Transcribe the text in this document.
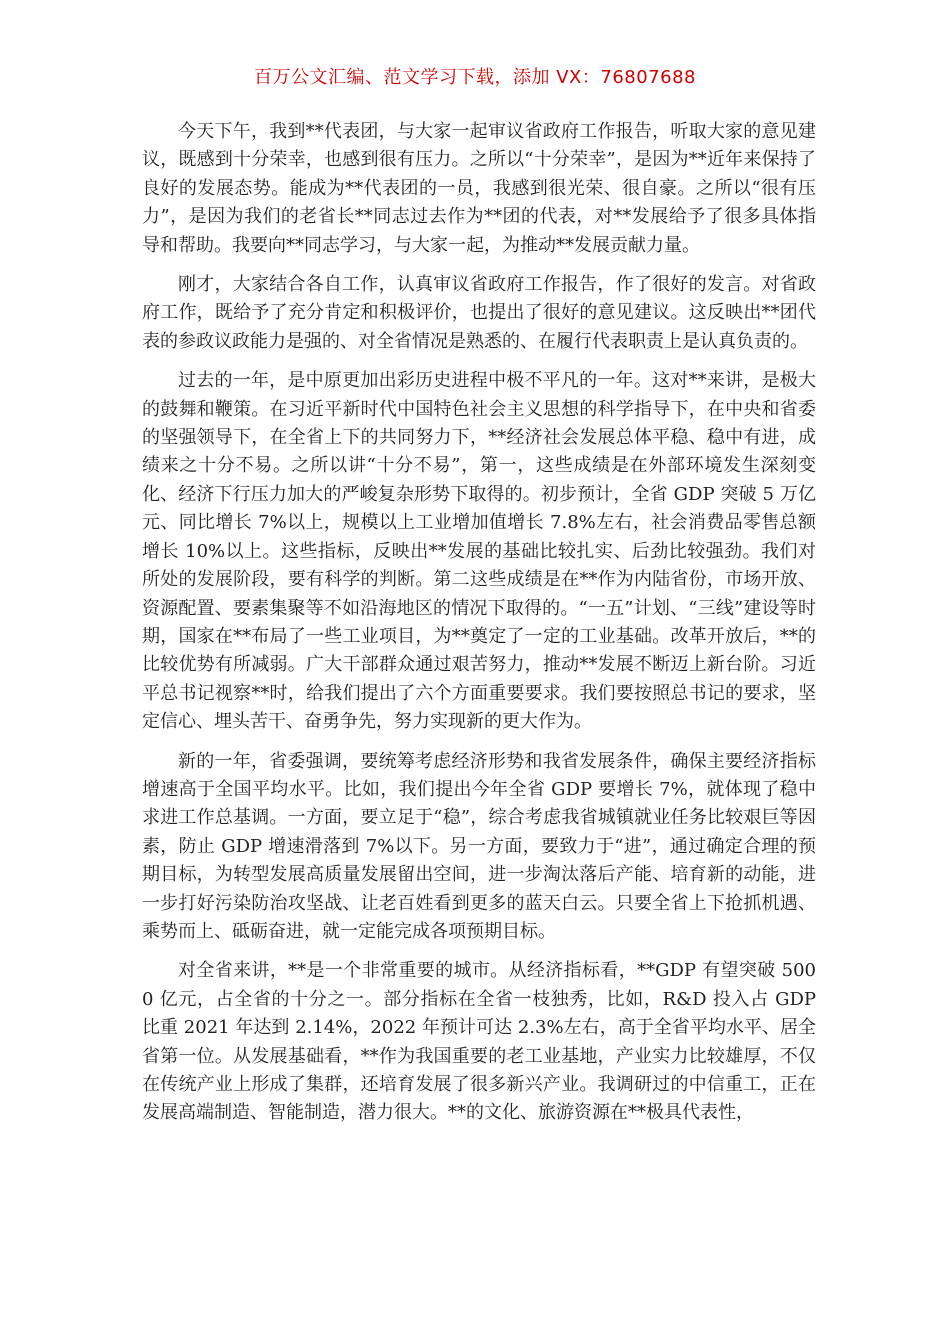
百万公文汇编、范文学习下载，添加 VX：76807688

今天下午，我到**代表团，与大家一起审议省政府工作报告，听取大家的意见建议，既感到十分荣幸，也感到很有压力。之所以“十分荣幸”，是因为**近年来保持了良好的发展态势。能成为**代表团的一员，我感到很光荣、很自豪。之所以“很有压力”，是因为我们的老省长**同志过去作为**团的代表，对**发展给予了很多具体指导和帮助。我要向**同志学习，与大家一起，为推动**发展贡献力量。

刚才，大家结合各自工作，认真审议省政府工作报告，作了很好的发言。对省政府工作，既给予了充分肯定和积极评价，也提出了很好的意见建议。这反映出**团代表的参政议政能力是强的、对全省情况是熟悉的、在履行代表职责上是认真负责的。

过去的一年，是中原更加出彩历史进程中极不平凡的一年。这对**来讲，是极大的鼓舞和鞭策。在习近平新时代中国特色社会主义思想的科学指导下，在中央和省委的坚强领导下，在全省上下的共同努力下，**经济社会发展总体平稳、稳中有进，成绩来之十分不易。之所以讲“十分不易”，第一，这些成绩是在外部环境发生深刻变化、经济下行压力加大的严峻复杂形势下取得的。初步预计，全省 GDP 突破 5 万亿元、同比增长 7%以上，规模以上工业增加值增长 7.8%左右，社会消费品零售总额增长 10%以上。这些指标，反映出**发展的基础比较扎实、后劲比较强劲。我们对所处的发展阶段，要有科学的判断。第二这些成绩是在**作为内陆省份，市场开放、资源配置、要素集聚等不如沿海地区的情况下取得的。“一五”计划、“三线”建设等时期，国家在**布局了一些工业项目，为**奠定了一定的工业基础。改革开放后，**的比较优势有所减弱。广大干部群众通过艰苦努力，推动**发展不断迈上新台阶。习近平总书记视察**时，给我们提出了六个方面重要要求。我们要按照总书记的要求，坚定信心、埋头苦干、奋勇争先，努力实现新的更大作为。

新的一年，省委强调，要统筹考虑经济形势和我省发展条件，确保主要经济指标增速高于全国平均水平。比如，我们提出今年全省 GDP 要增长 7%，就体现了稳中求进工作总基调。一方面，要立足于“稳”，综合考虑我省城镇就业任务比较艰巨等因素，防止 GDP 增速滑落到 7%以下。另一方面，要致力于“进”，通过确定合理的预期目标，为转型发展高质量发展留出空间，进一步淘汰落后产能、培育新的动能，进一步打好污染防治攻坚战、让老百姓看到更多的蓝天白云。只要全省上下抢抓机遇、乘势而上、砥砺奋进，就一定能完成各项预期目标。

对全省来讲，**是一个非常重要的城市。从经济指标看，**GDP 有望突破 5000 亿元，占全省的十分之一。部分指标在全省一枝独秀，比如，R&D 投入占 GDP 比重 2021 年达到 2.14%，2022 年预计可达 2.3%左右，高于全省平均水平、居全省第一位。从发展基础看，**作为我国重要的老工业基地，产业实力比较雄厚，不仅在传统产业上形成了集群，还培育发展了很多新兴产业。我调研过的中信重工，正在发展高端制造、智能制造，潜力很大。**的文化、旅游资源在**极具代表性，
